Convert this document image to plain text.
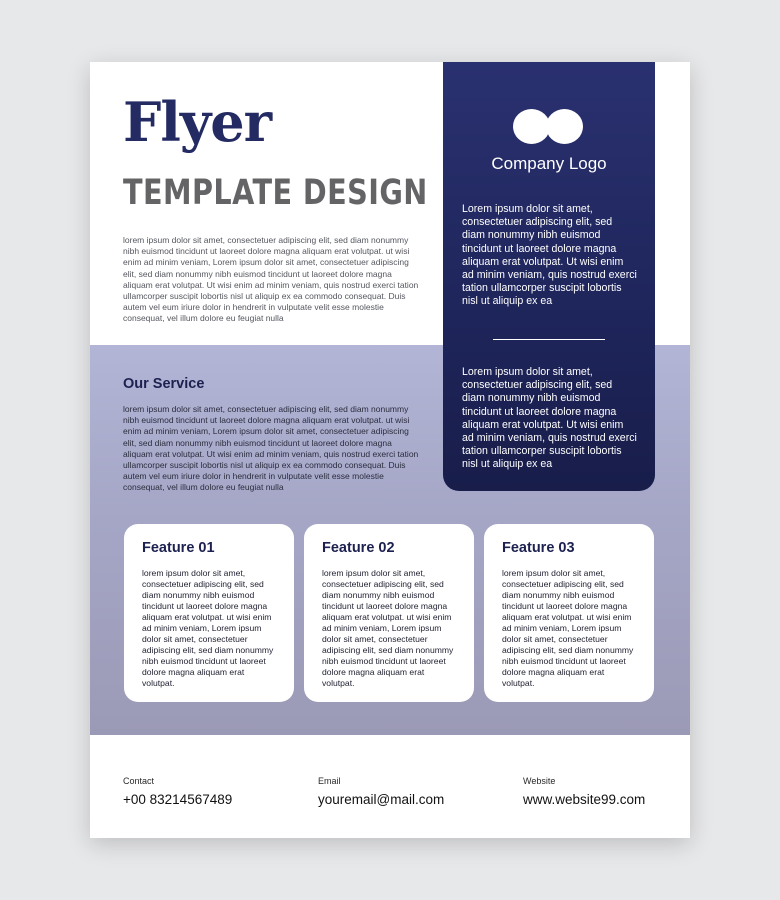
Flyer
TEMPLATE DESIGN

lorem ipsum dolor sit amet, consectetuer adipiscing elit, sed diam nonummy nibh euismod tincidunt ut laoreet dolore magna aliquam erat volutpat. ut wisi enim ad minim veniam, Lorem ipsum dolor sit amet, consectetuer adipiscing elit, sed diam nonummy nibh euismod tincidunt ut laoreet dolore magna aliquam erat volutpat. Ut wisi enim ad minim veniam, quis nostrud exerci tation ullamcorper suscipit lobortis nisl ut aliquip ex ea commodo consequat. Duis autem vel eum iriure dolor in hendrerit in vulputate velit esse molestie consequat, vel illum dolore eu feugiat nulla

Company Logo

Lorem ipsum dolor sit amet, consectetuer adipiscing elit, sed diam nonummy nibh euismod tincidunt ut laoreet dolore magna aliquam erat volutpat. Ut wisi enim ad minim veniam, quis nostrud exerci tation ullamcorper suscipit lobortis nisl ut aliquip ex ea

Lorem ipsum dolor sit amet, consectetuer adipiscing elit, sed diam nonummy nibh euismod tincidunt ut laoreet dolore magna aliquam erat volutpat. Ut wisi enim ad minim veniam, quis nostrud exerci tation ullamcorper suscipit lobortis nisl ut aliquip ex ea

Our Service

lorem ipsum dolor sit amet, consectetuer adipiscing elit, sed diam nonummy nibh euismod tincidunt ut laoreet dolore magna aliquam erat volutpat. ut wisi enim ad minim veniam, Lorem ipsum dolor sit amet, consectetuer adipiscing elit, sed diam nonummy nibh euismod tincidunt ut laoreet dolore magna aliquam erat volutpat. Ut wisi enim ad minim veniam, quis nostrud exerci tation ullamcorper suscipit lobortis nisl ut aliquip ex ea commodo consequat. Duis autem vel eum iriure dolor in hendrerit in vulputate velit esse molestie consequat, vel illum dolore eu feugiat nulla

Feature 01

lorem ipsum dolor sit amet, consectetuer adipiscing elit, sed diam nonummy nibh euismod tincidunt ut laoreet dolore magna aliquam erat volutpat. ut wisi enim ad minim veniam, Lorem ipsum dolor sit amet, consectetuer adipiscing elit, sed diam nonummy nibh euismod tincidunt ut laoreet dolore magna aliquam erat volutpat.

Feature 02

lorem ipsum dolor sit amet, consectetuer adipiscing elit, sed diam nonummy nibh euismod tincidunt ut laoreet dolore magna aliquam erat volutpat. ut wisi enim ad minim veniam, Lorem ipsum dolor sit amet, consectetuer adipiscing elit, sed diam nonummy nibh euismod tincidunt ut laoreet dolore magna aliquam erat volutpat.

Feature 03

lorem ipsum dolor sit amet, consectetuer adipiscing elit, sed diam nonummy nibh euismod tincidunt ut laoreet dolore magna aliquam erat volutpat. ut wisi enim ad minim veniam, Lorem ipsum dolor sit amet, consectetuer adipiscing elit, sed diam nonummy nibh euismod tincidunt ut laoreet dolore magna aliquam erat volutpat.

Contact

+00 83214567489

Email

youremail@mail.com

Website

www.website99.com
